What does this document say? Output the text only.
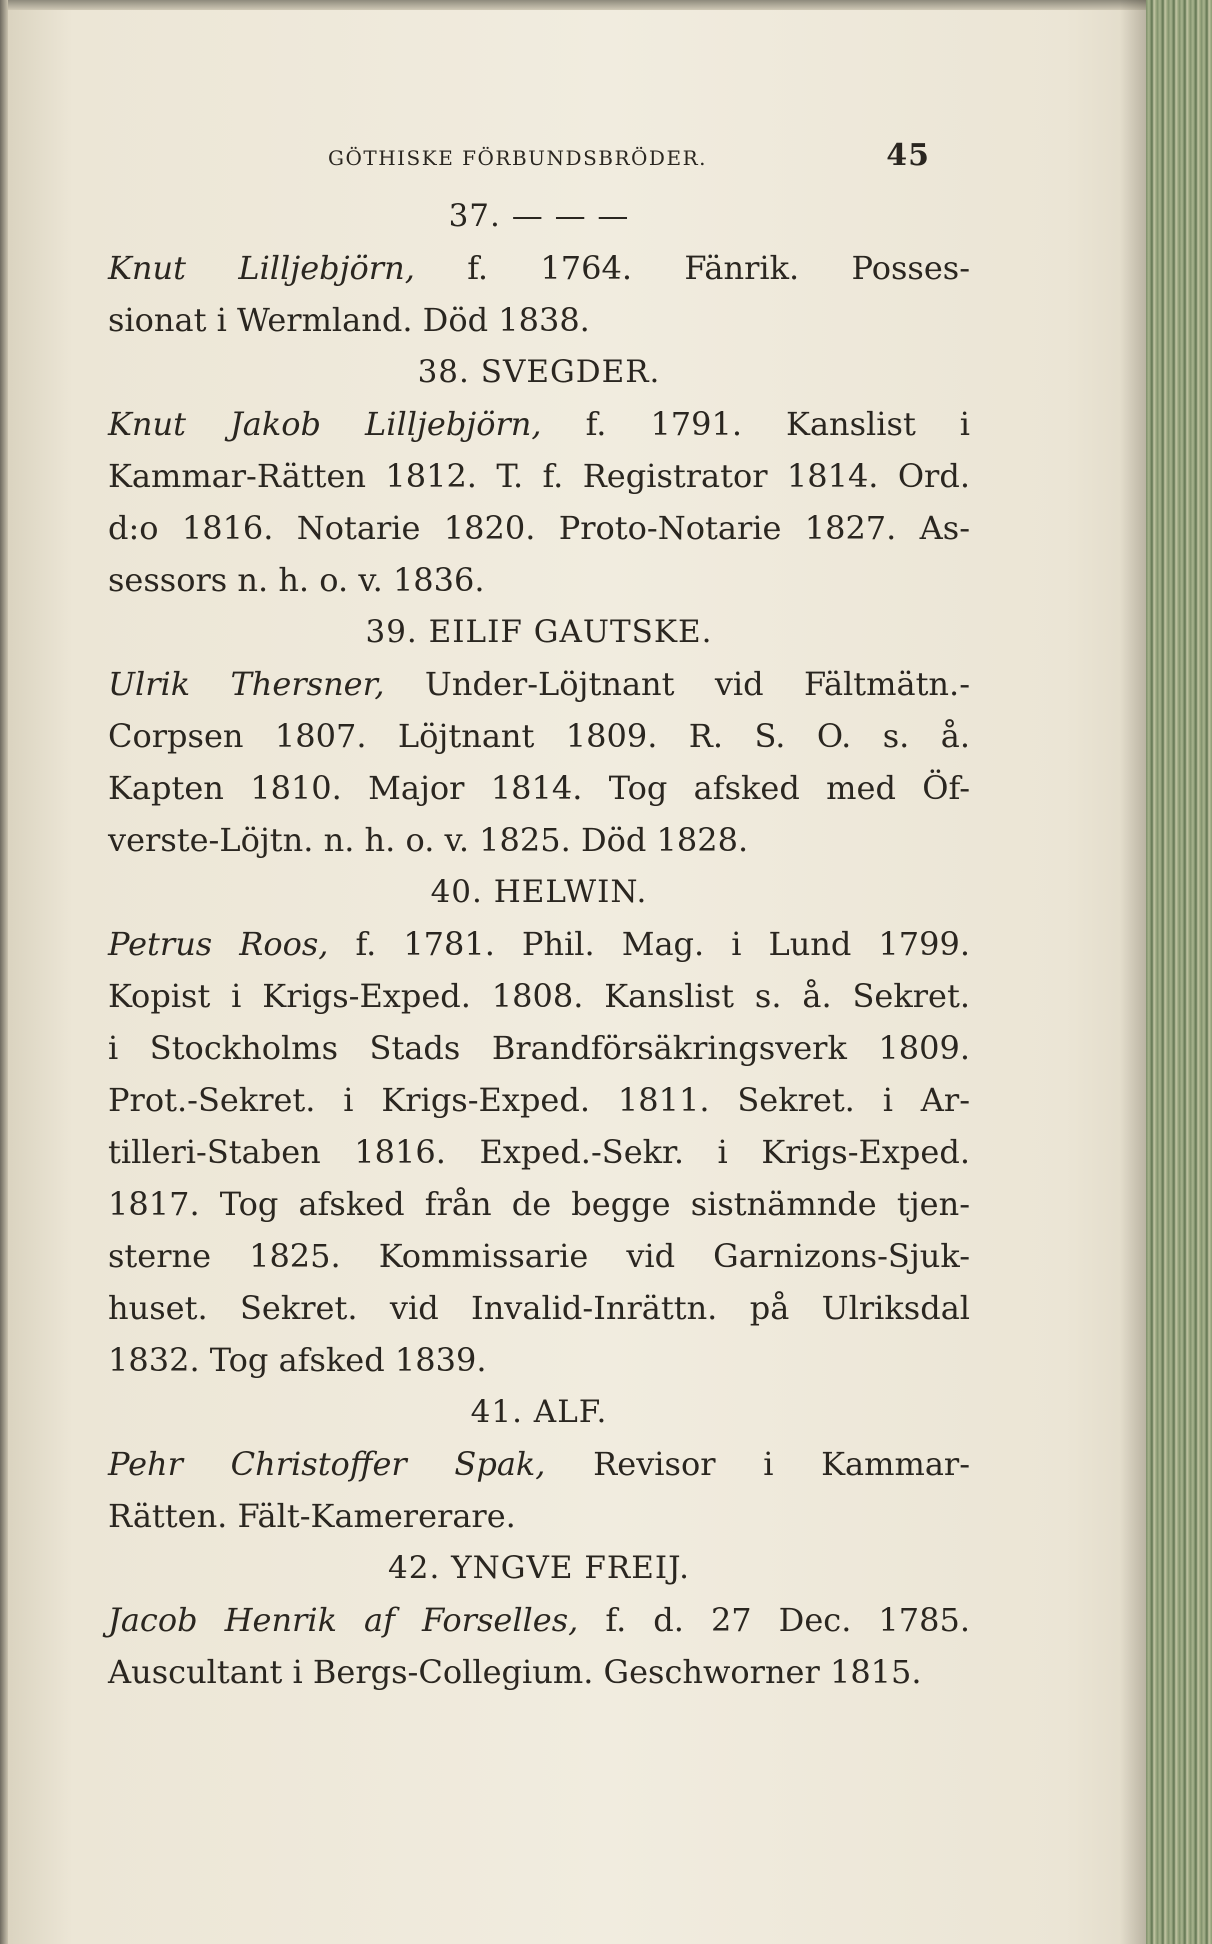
GÖTHISKE FÖRBUNDSBRÖDER.	45
37. — — —
Knut Lilljebjörn, f. 1764. Fänrik. Posses-
sionat i Wermland. Död 1838.
38. SVEGDER.
Knut Jakob Lilljebjörn, f. 1791. Kanslist i
Kammar-Rätten 1812. T. f. Registrator 1814. Ord.
d:o 1816. Notarie 1820. Proto-Notarie 1827. As-
sessors n. h. o. v. 1836.
39. EILIF GAUTSKE.
Ulrik Thersner, Under-Löjtnant vid Fältmätn.-
Corpsen 1807. Löjtnant 1809. R. S. O. s. å.
Kapten 1810. Major 1814. Tog afsked med Öf-
verste-Löjtn. n. h. o. v. 1825. Död 1828.
40. HELWIN.
Petrus Roos, f. 1781. Phil. Mag. i Lund 1799.
Kopist i Krigs-Exped. 1808. Kanslist s. å. Sekret.
i Stockholms Stads Brandförsäkringsverk 1809.
Prot.-Sekret. i Krigs-Exped. 1811. Sekret. i Ar-
tilleri-Staben 1816. Exped.-Sekr. i Krigs-Exped.
1817. Tog afsked från de begge sistnämnde tjen-
sterne 1825. Kommissarie vid Garnizons-Sjuk-
huset. Sekret. vid Invalid-Inrättn. på Ulriksdal
1832. Tog afsked 1839.
41. ALF.
Pehr Christoffer Spak, Revisor i Kammar-
Rätten. Fält-Kamererare.
42. YNGVE FREIJ.
Jacob Henrik af Forselles, f. d. 27 Dec. 1785.
Auscultant i Bergs-Collegium. Geschworner 1815.
